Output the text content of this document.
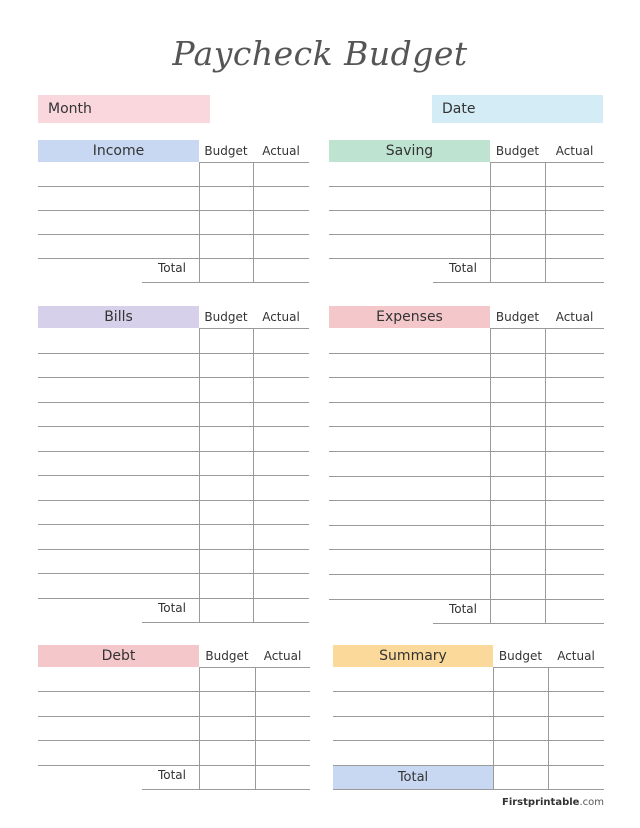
Paycheck Budget
Month	Date
Income	Budget	Actual
Total
Saving	Budget	Actual
Total
Bills	Budget	Actual
Total
Expenses	Budget	Actual
Total
Debt	Budget	Actual
Total
Summary	Budget	Actual
Total
Firstprintable.com
